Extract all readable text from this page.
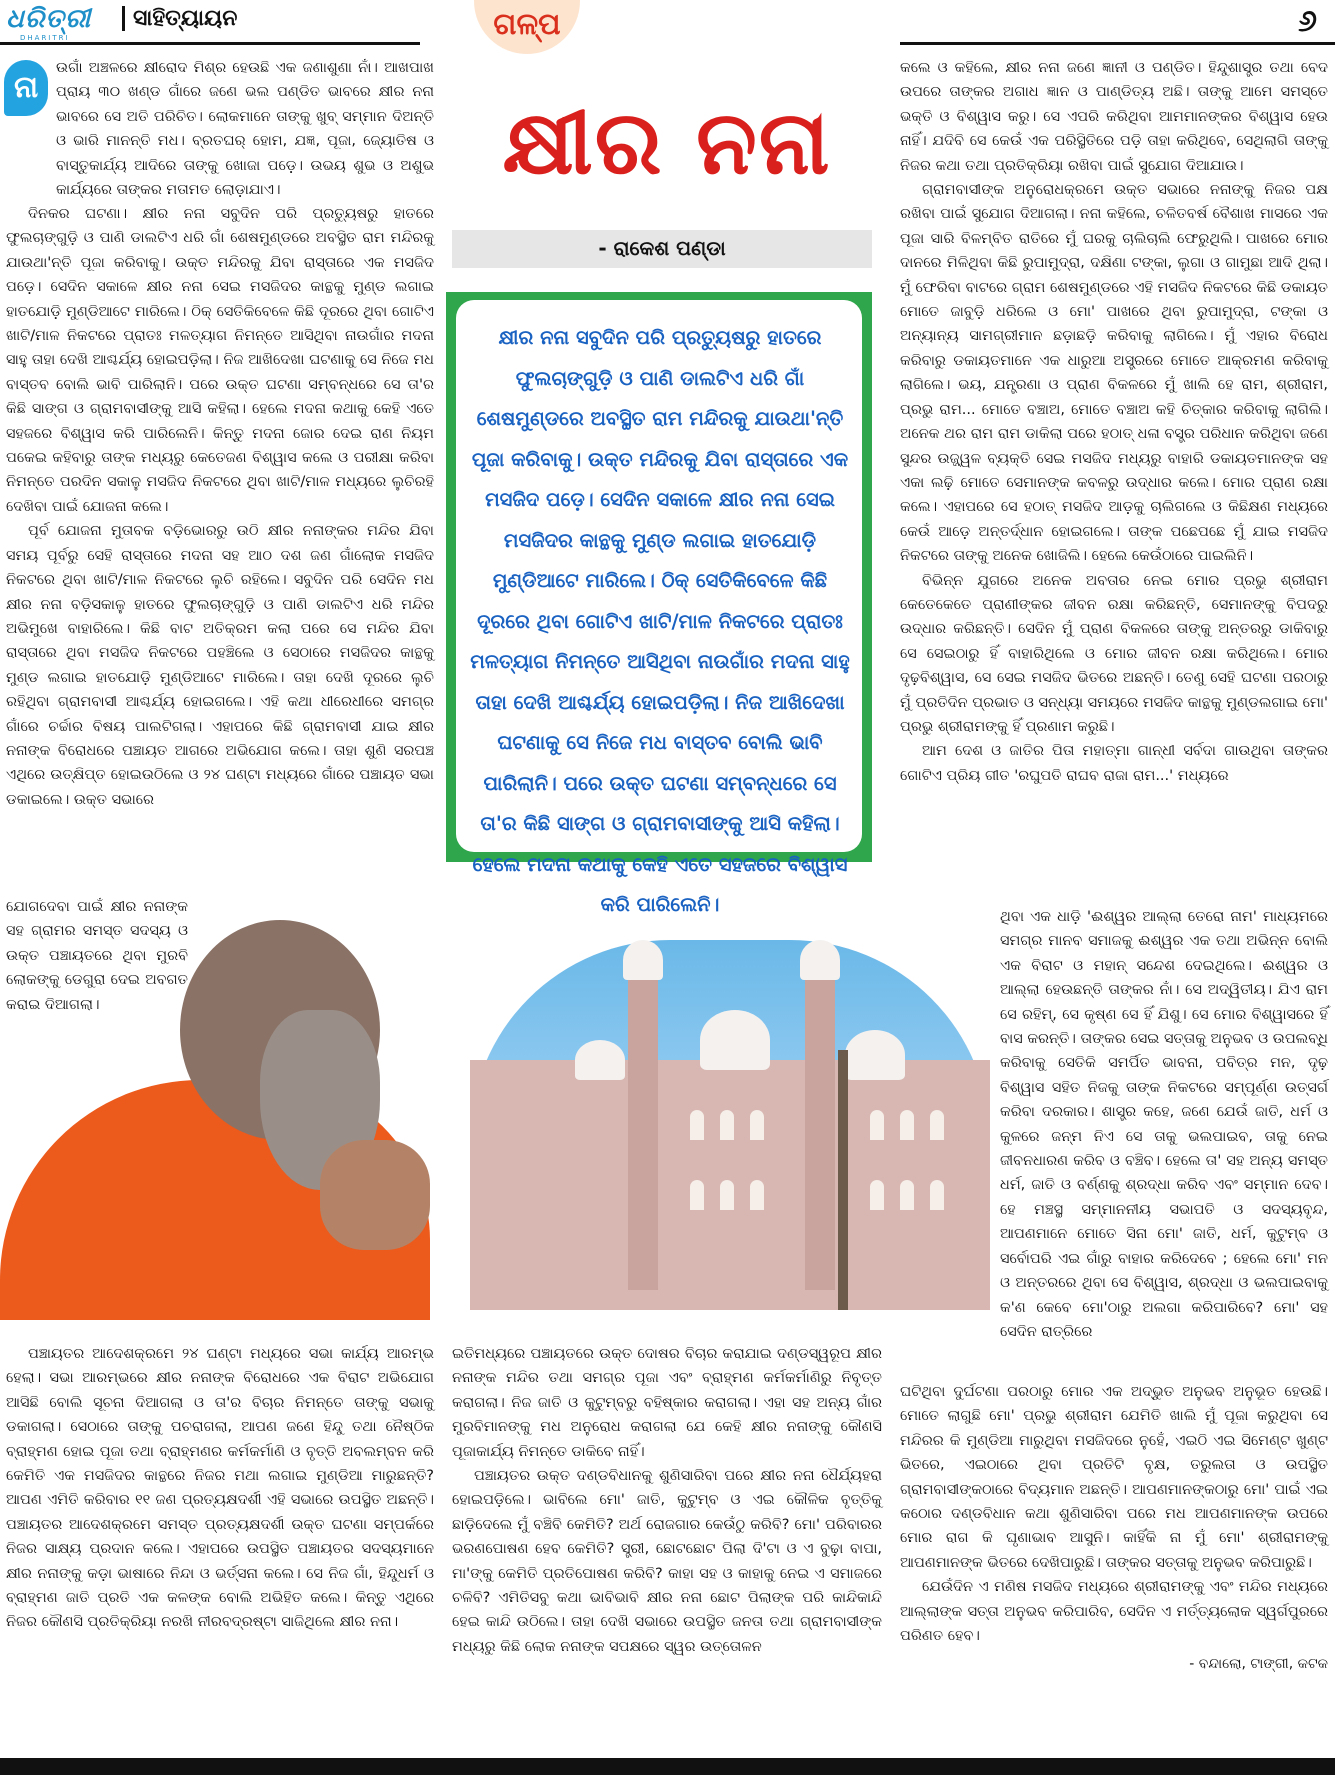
ଧରିତ୍ରୀ
DHARITRI
ସାହିତ୍ୟାୟନ	ଗଳ୍ପ	୬
ନା

ଉଗାଁ ଅଞ୍ଚଳରେ କ୍ଷୀରୋଦ ମିଶ୍ର ହେଉଛି ଏକ ଜଣାଶୁଣା ନାଁ। ଆଖପାଖ ପ୍ରାୟ ୩୦ ଖଣ୍ଡ ଗାଁରେ ଜଣେ ଭଲ ପଣ୍ଡିତ ଭାବରେ କ୍ଷୀର ନନା ଭାବରେ ସେ ଅତି ପରିଚିତ। ଲୋକମାନେ ତାଙ୍କୁ ଖୁବ୍ ସମ୍ମାନ ଦିଅନ୍ତି ଓ ଭାରି ମାନନ୍ତି ମଧ। ବ୍ରତଘର୍ ହୋମ, ଯଜ୍ଞ, ପୂଜା, ଜ୍ୟୋତିଷ ଓ ବାସ୍ତୁକାର୍ଯ୍ୟ ଆଦିରେ ତାଙ୍କୁ ଖୋଜା ପଡ଼େ। ଉଭୟ ଶୁଭ ଓ ଅଶୁଭ କାର୍ଯ୍ୟରେ ତାଙ୍କର ମତାମତ ଲୋଡ଼ାଯାଏ।

ଦିନକର ଘଟଣା। କ୍ଷୀର ନନା ସବୁଦିନ ପରି ପ୍ରତ୍ୟୁଷରୁ ହାତରେ ଫୁଲଚାଙ୍ଗୁଡ଼ି ଓ ପାଣି ଡାଲଟିଏ ଧରି ଗାଁ ଶେଷମୁଣ୍ଡରେ ଅବସ୍ଥିତ ରାମ ମନ୍ଦିରକୁ ଯାଉଥା'ନ୍ତି ପୂଜା କରିବାକୁ। ଉକ୍ତ ମନ୍ଦିରକୁ ଯିବା ରାସ୍ତାରେ ଏକ ମସଜିଦ ପଡ଼େ। ସେଦିନ ସକାଳେ କ୍ଷୀର ନନା ସେଇ ମସଜିଦର କାନ୍ଥକୁ ମୁଣ୍ଡ ଲଗାଇ ହାତଯୋଡ଼ି ମୁଣ୍ଡିଆଟେ ମାରିଲେ। ଠିକ୍ ସେତିକିବେଳେ କିଛି ଦୂରରେ ଥିବା ଗୋଟିଏ ଖାଟି/ମାଳ ନିକଟରେ ପ୍ରାତଃ ମଳତ୍ୟାଗ ନିମନ୍ତେ ଆସିଥିବା ନାଉଗାଁର ମଦନା ସାହୁ ତାହା ଦେଖି ଆଶ୍ଚର୍ଯ୍ୟ ହୋଇପଡ଼ିଲା। ନିଜ ଆଖିଦେଖା ଘଟଣାକୁ ସେ ନିଜେ ମଧ ବାସ୍ତବ ବୋଲି ଭାବି ପାରିଲାନି। ପରେ ଉକ୍ତ ଘଟଣା ସମ୍ବନ୍ଧରେ ସେ ତା'ର କିଛି ସାଙ୍ଗ ଓ ଗ୍ରାମବାସୀଙ୍କୁ ଆସି କହିଲା। ହେଲେ ମଦନା କଥାକୁ କେହି ଏତେ ସହଜରେ ବିଶ୍ୱାସ କରି ପାରିଲେନି। କିନ୍ତୁ ମଦନା ଜୋର ଦେଇ ରାଣ ନିୟମ ପକେଇ କହିବାରୁ ତାଙ୍କ ମଧ୍ୟରୁ କେତେଜଣ ବିଶ୍ୱାସ କଲେ ଓ ପରୀକ୍ଷା କରିବା ନିମନ୍ତେ ପରଦିନ ସକାଳୁ ମସଜିଦ ନିକଟରେ ଥିବା ଖାଟି/ମାଳ ମଧ୍ୟରେ ଲୁଚିରହି ଦେଖିବା ପାଇଁ ଯୋଜନା କଲେ।

ପୂର୍ବ ଯୋଜନା ମୁତାବକ ବଡ଼ିଭୋରରୁ ଉଠି କ୍ଷୀର ନନାଙ୍କର ମନ୍ଦିର ଯିବା ସମୟ ପୂର୍ବରୁ ସେହି ରାସ୍ତାରେ ମଦନା ସହ ଆଠ ଦଶ ଜଣ ଗାଁଲୋକ ମସଜିଦ ନିକଟରେ ଥିବା ଖାଟି/ମାଳ ନିକଟରେ ଲୁଚି ରହିଲେ। ସବୁଦିନ ପରି ସେଦିନ ମଧ କ୍ଷୀର ନନା ବଡ଼ିସକାଳୁ ହାତରେ ଫୁଲଚାଙ୍ଗୁଡ଼ି ଓ ପାଣି ଡାଲଟିଏ ଧରି ମନ୍ଦିର ଅଭିମୁଖେ ବାହାରିଲେ। କିଛି ବାଟ ଅତିକ୍ରମ କଲା ପରେ ସେ ମନ୍ଦିର ଯିବା ରାସ୍ତାରେ ଥିବା ମସଜିଦ ନିକଟରେ ପହଞ୍ଚିଲେ ଓ ସେଠାରେ ମସଜିଦର କାନ୍ଥକୁ ମୁଣ୍ଡ ଲଗାଇ ହାତଯୋଡ଼ି ମୁଣ୍ଡିଆଟେ ମାରିଲେ। ତାହା ଦେଖି ଦୂରରେ ଲୁଚି ରହିଥିବା ଗ୍ରାମବାସୀ ଆଶ୍ଚର୍ଯ୍ୟ ହୋଇଗଲେ। ଏହି କଥା ଧୀରେଧୀରେ ସମଗ୍ର ଗାଁରେ ଚର୍ଚ୍ଚାର ବିଷୟ ପାଲଟିଗଲା। ଏହାପରେ କିଛି ଗ୍ରାମବାସୀ ଯାଇ କ୍ଷୀର ନନାଙ୍କ ବିରୋଧରେ ପଞ୍ଚାୟତ ଆଗରେ ଅଭିଯୋଗ କଲେ। ତାହା ଶୁଣି ସରପଞ୍ଚ ଏଥିରେ ଉତ୍କ୍ଷିପ୍ତ ହୋଇଉଠିଲେ ଓ ୨୪ ଘଣ୍ଟା ମଧ୍ୟରେ ଗାଁରେ ପଞ୍ଚାୟତ ସଭା ଡକାଇଲେ। ଉକ୍ତ ସଭାରେ

ଯୋଗଦେବା ପାଇଁ କ୍ଷୀର ନନାଙ୍କ ସହ ଗ୍ରାମର ସମସ୍ତ ସଦସ୍ୟ ଓ ଉକ୍ତ ପଞ୍ଚାୟତରେ ଥିବା ମୁରବି ଲୋକଙ୍କୁ ଡେଗୁରା ଦେଇ ଅବଗତ କରାଇ ଦିଆଗଲା।

କ୍ଷୀର ନନା
- ରାକେଶ ପଣ୍ଡା
କ୍ଷୀର ନନା ସବୁଦିନ ପରି ପ୍ରତ୍ୟୁଷରୁ ହାତରେ ଫୁଲଚାଙ୍ଗୁଡ଼ି ଓ ପାଣି ଡାଲଟିଏ ଧରି ଗାଁ ଶେଷମୁଣ୍ଡରେ ଅବସ୍ଥିତ ରାମ ମନ୍ଦିରକୁ ଯାଉଥା'ନ୍ତି ପୂଜା କରିବାକୁ। ଉକ୍ତ ମନ୍ଦିରକୁ ଯିବା ରାସ୍ତାରେ ଏକ ମସଜିଦ ପଡ଼େ। ସେଦିନ ସକାଳେ କ୍ଷୀର ନନା ସେଇ ମସଜିଦର କାନ୍ଥକୁ ମୁଣ୍ଡ ଲଗାଇ ହାତଯୋଡ଼ି ମୁଣ୍ଡିଆଟେ ମାରିଲେ। ଠିକ୍ ସେତିକିବେଳେ କିଛି ଦୂରରେ ଥିବା ଗୋଟିଏ ଖାଟି/ମାଳ ନିକଟରେ ପ୍ରାତଃ ମଳତ୍ୟାଗ ନିମନ୍ତେ ଆସିଥିବା ନାଉଗାଁର ମଦନା ସାହୁ ତାହା ଦେଖି ଆଶ୍ଚର୍ଯ୍ୟ ହୋଇପଡ଼ିଲା। ନିଜ ଆଖିଦେଖା ଘଟଣାକୁ ସେ ନିଜେ ମଧ ବାସ୍ତବ ବୋଲି ଭାବି ପାରିଲାନି। ପରେ ଉକ୍ତ ଘଟଣା ସମ୍ବନ୍ଧରେ ସେ ତା'ର କିଛି ସାଙ୍ଗ ଓ ଗ୍ରାମବାସୀଙ୍କୁ ଆସି କହିଲା। ହେଲେ ମଦନା କଥାକୁ କେହି ଏତେ ସହଜରେ ବିଶ୍ୱାସ କରି ପାରିଲେନି।

କଲେ ଓ କହିଲେ, କ୍ଷୀର ନନା ଜଣେ ଜ୍ଞାନୀ ଓ ପଣ୍ଡିତ। ହିନ୍ଦୁଶାସ୍ତ୍ର ତଥା ବେଦ ଉପରେ ତାଙ୍କର ଅଗାଧ ଜ୍ଞାନ ଓ ପାଣ୍ଡିତ୍ୟ ଅଛି। ତାଙ୍କୁ ଆମେ ସମସ୍ତେ ଭକ୍ତି ଓ ବିଶ୍ୱାସ କରୁ। ସେ ଏପରି କରିଥିବା ଆମମାନଙ୍କର ବିଶ୍ୱାସ ହେଉ ନାହିଁ। ଯଦିବି ସେ କେଉଁ ଏକ ପରିସ୍ଥିତିରେ ପଡ଼ି ତାହା କରିଥିବେ, ସେଥିଲାଗି ତାଙ୍କୁ ନିଜର କଥା ତଥା ପ୍ରତିକ୍ରିୟା ରଖିବା ପାଇଁ ସୁଯୋଗ ଦିଆଯାଉ।

ଗ୍ରାମବାସୀଙ୍କ ଅନୁରୋଧକ୍ରମେ ଉକ୍ତ ସଭାରେ ନନାଙ୍କୁ ନିଜର ପକ୍ଷ ରଖିବା ପାଇଁ ସୁଯୋଗ ଦିଆଗଲା। ନନା କହିଲେ, ଚଳିତବର୍ଷ ବୈଶାଖ ମାସରେ ଏକ ପୂଜା ସାରି ବିଳମ୍ବିତ ରାତିରେ ମୁଁ ଘରକୁ ଚାଲିଚାଲି ଫେରୁଥିଲି। ପାଖରେ ମୋର ଦାନରେ ମିଳିଥିବା କିଛି ରୁପାମୁଦ୍ରା, ଦକ୍ଷିଣା ଟଙ୍କା, ଲୁଗା ଓ ଗାମୁଛା ଆଦି ଥିଲା। ମୁଁ ଫେରିବା ବାଟରେ ଗ୍ରାମ ଶେଷମୁଣ୍ଡରେ ଏହି ମସଜିଦ ନିକଟରେ କିଛି ଡକାୟତ ମୋତେ ଜାବୁଡ଼ି ଧରିଲେ ଓ ମୋ' ପାଖରେ ଥିବା ରୁପାମୁଦ୍ରା, ଟଙ୍କା ଓ ଅନ୍ୟାନ୍ୟ ସାମଗ୍ରୀମାନ ଛଡ଼ାଛଡ଼ି କରିବାକୁ ଲାଗିଲେ। ମୁଁ ଏହାର ବିରୋଧ କରିବାରୁ ଡକାୟତମାନେ ଏକ ଧାରୁଆ ଅସ୍ତ୍ରରେ ମୋତେ ଆକ୍ରମଣ କରିବାକୁ ଲାଗିଲେ। ଭୟ, ଯନ୍ତ୍ରଣା ଓ ପ୍ରାଣ ବିକଳରେ ମୁଁ ଖାଲି ହେ ରାମ, ଶ୍ରୀରାମ, ପ୍ରଭୁ ରାମ... ମୋତେ ବଞ୍ଚାଅ, ମୋତେ ବଞ୍ଚାଅ କହି ଚିତ୍କାର କରିବାକୁ ଲାଗିଲି। ଅନେକ ଥର ରାମ ରାମ ଡାକିଲା ପରେ ହଠାତ୍ ଧଳା ବସ୍ତ୍ର ପରିଧାନ କରିଥିବା ଜଣେ ସୁନ୍ଦର ଉଜ୍ଜ୍ୱଳ ବ୍ୟକ୍ତି ସେଇ ମସଜିଦ ମଧ୍ୟରୁ ବାହାରି ଡକାୟତମାନଙ୍କ ସହ ଏକା ଲଢ଼ି ମୋତେ ସେମାନଙ୍କ କବଳରୁ ଉଦ୍ଧାର କଲେ। ମୋର ପ୍ରାଣ ରକ୍ଷା କଲେ। ଏହାପରେ ସେ ହଠାତ୍ ମସଜିଦ ଆଡ଼କୁ ଚାଲିଗଲେ ଓ କିଛିକ୍ଷଣ ମଧ୍ୟରେ କେଉଁ ଆଡ଼େ ଅନ୍ତର୍ଦ୍ଧାନ ହୋଇଗଲେ। ତାଙ୍କ ପଛେପଛେ ମୁଁ ଯାଇ ମସଜିଦ ନିକଟରେ ତାଙ୍କୁ ଅନେକ ଖୋଜିଲି। ହେଲେ କେଉଁଠାରେ ପାଇଲିନି।

ବିଭିନ୍ନ ଯୁଗରେ ଅନେକ ଅବତାର ନେଇ ମୋର ପ୍ରଭୁ ଶ୍ରୀରାମ କେତେକେତେ ପ୍ରାଣୀଙ୍କର ଜୀବନ ରକ୍ଷା କରିଛନ୍ତି, ସେମାନଙ୍କୁ ବିପଦରୁ ଉଦ୍ଧାର କରିଛନ୍ତି। ସେଦିନ ମୁଁ ପ୍ରାଣ ବିକଳରେ ତାଙ୍କୁ ଅନ୍ତରରୁ ଡାକିବାରୁ ସେ ସେଇଠାରୁ ହିଁ ବାହାରିଥିଲେ ଓ ମୋର ଜୀବନ ରକ୍ଷା କରିଥିଲେ। ମୋର ଦୃଢ଼ବିଶ୍ୱାସ, ସେ ସେଇ ମସଜିଦ ଭିତରେ ଅଛନ୍ତି। ତେଣୁ ସେହି ଘଟଣା ପରଠାରୁ ମୁଁ ପ୍ରତିଦିନ ପ୍ରଭାତ ଓ ସନ୍ଧ୍ୟା ସମୟରେ ମସଜିଦ କାନ୍ଥକୁ ମୁଣ୍ଡଲଗାଇ ମୋ' ପ୍ରଭୁ ଶ୍ରୀରାମଙ୍କୁ ହିଁ ପ୍ରଣାମ କରୁଛି।

ଆମ ଦେଶ ଓ ଜାତିର ପିତା ମହାତ୍ମା ଗାନ୍ଧୀ ସର୍ବଦା ଗାଉଥିବା ତାଙ୍କର ଗୋଟିଏ ପ୍ରିୟ ଗୀତ 'ରଘୁପତି ରାଘବ ରାଜା ରାମ...' ମଧ୍ୟରେ

ଥିବା ଏକ ଧାଡ଼ି 'ଈଶ୍ୱର ଆଲ୍ଲା ତେରୋ ନାମ' ମାଧ୍ୟମରେ ସମଗ୍ର ମାନବ ସମାଜକୁ ଈଶ୍ୱର ଏକ ତଥା ଅଭିନ୍ନ ବୋଲି ଏକ ବିରାଟ ଓ ମହାନ୍ ସନ୍ଦେଶ ଦେଇଥିଲେ। ଈଶ୍ୱର ଓ ଆଲ୍ଲା ହେଉଛନ୍ତି ତାଙ୍କର ନାଁ। ସେ ଅଦ୍ୱିତୀୟ। ଯିଏ ରାମ ସେ ରହିମ୍, ସେ କୃଷ୍ଣ ସେ ହିଁ ଯିଶୁ। ସେ ମୋର ବିଶ୍ୱାସରେ ହିଁ ବାସ କରନ୍ତି। ତାଙ୍କର ସେଇ ସତ୍ତାକୁ ଅନୁଭବ ଓ ଉପଲବ୍ଧି କରିବାକୁ ସେତିକି ସମର୍ପିତ ଭାବନା, ପବିତ୍ର ମନ, ଦୃଢ଼ ବିଶ୍ୱାସ ସହିତ ନିଜକୁ ତାଙ୍କ ନିକଟରେ ସମ୍ପୂର୍ଣ୍ଣ ଉତ୍ସର୍ଗ କରିବା ଦରକାର। ଶାସ୍ତ୍ର କହେ, ଜଣେ ଯେଉଁ ଜାତି, ଧର୍ମ ଓ କୁଳରେ ଜନ୍ମ ନିଏ ସେ ତାକୁ ଭଲପାଇବ, ତାକୁ ନେଇ ଜୀବନଧାରଣ କରିବ ଓ ବଞ୍ଚିବ। ହେଲେ ତା' ସହ ଅନ୍ୟ ସମସ୍ତ ଧର୍ମ, ଜାତି ଓ ବର୍ଣ୍ଣକୁ ଶ୍ରଦ୍ଧା କରିବ ଏବଂ ସମ୍ମାନ ଦେବ। ହେ ମଞ୍ଚସ୍ଥ ସମ୍ମାନନୀୟ ସଭାପତି ଓ ସଦସ୍ୟବୃନ୍ଦ, ଆପଣମାନେ ମୋତେ ସିନା ମୋ' ଜାତି, ଧର୍ମ, କୁଟୁମ୍ବ ଓ ସର୍ବୋପରି ଏଇ ଗାଁରୁ ବାହାର କରିଦେବେ ; ହେଲେ ମୋ' ମନ ଓ ଅନ୍ତରରେ ଥିବା ସେ ବିଶ୍ୱାସ, ଶ୍ରଦ୍ଧା ଓ ଭଲପାଇବାକୁ କ'ଣ କେବେ ମୋ'ଠାରୁ ଅଲଗା କରିପାରିବେ? ମୋ' ସହ ସେଦିନ ରାତ୍ରିରେ

ପଞ୍ଚାୟତର ଆଦେଶକ୍ରମେ ୨୪ ଘଣ୍ଟା ମଧ୍ୟରେ ସଭା କାର୍ଯ୍ୟ ଆରମ୍ଭ ହେଲା। ସଭା ଆରମ୍ଭରେ କ୍ଷୀର ନନାଙ୍କ ବିରୋଧରେ ଏକ ବିରାଟ ଅଭିଯୋଗ ଆସିଛି ବୋଲି ସୂଚନା ଦିଆଗଲା ଓ ତା'ର ବିଚାର ନିମନ୍ତେ ତାଙ୍କୁ ସଭାକୁ ଡକାଗଲା। ସେଠାରେ ତାଙ୍କୁ ପଚରାଗଲା, ଆପଣ ଜଣେ ହିନ୍ଦୁ ତଥା ନୈଷ୍ଠିକ ବ୍ରାହ୍ମଣ ହୋଇ ପୂଜା ତଥା ବ୍ରାହ୍ମଣର କର୍ମକର୍ମାଣି ଓ ବୃତ୍ତି ଅବଲମ୍ବନ କରି କେମିତି ଏକ ମସଜିଦର କାନ୍ଥରେ ନିଜର ମଥା ଲଗାଇ ମୁଣ୍ଡିଆ ମାରୁଛନ୍ତି? ଆପଣ ଏମିତି କରିବାର ୧୧ ଜଣ ପ୍ରତ୍ୟକ୍ଷଦର୍ଶୀ ଏହି ସଭାରେ ଉପସ୍ଥିତ ଅଛନ୍ତି। ପଞ୍ଚାୟତର ଆଦେଶକ୍ରମେ ସମସ୍ତ ପ୍ରତ୍ୟକ୍ଷଦର୍ଶୀ ଉକ୍ତ ଘଟଣା ସମ୍ପର୍କରେ ନିଜର ସାକ୍ଷ୍ୟ ପ୍ରଦାନ କଲେ। ଏହାପରେ ଉପସ୍ଥିତ ପଞ୍ଚାୟତର ସଦସ୍ୟମାନେ କ୍ଷୀର ନନାଙ୍କୁ କଡ଼ା ଭାଷାରେ ନିନ୍ଦା ଓ ଭର୍ତ୍ସନା କଲେ। ସେ ନିଜ ଗାଁ, ହିନ୍ଦୁଧର୍ମ ଓ ବ୍ରାହ୍ମଣ ଜାତି ପ୍ରତି ଏକ କଳଙ୍କ ବୋଲି ଅଭିହିତ କଲେ। କିନ୍ତୁ ଏଥିରେ ନିଜର କୌଣସି ପ୍ରତିକ୍ରିୟା ନରଖି ନୀରବଦ୍ରଷ୍ଟା ସାଜିଥିଲେ କ୍ଷୀର ନନା।

ଇତିମଧ୍ୟରେ ପଞ୍ଚାୟତରେ ଉକ୍ତ ଦୋଷର ବିଚାର କରାଯାଇ ଦଣ୍ଡସ୍ୱରୂପ କ୍ଷୀର ନନାଙ୍କ ମନ୍ଦିର ତଥା ସମଗ୍ର ପୂଜା ଏବଂ ବ୍ରାହ୍ମଣ କର୍ମକର୍ମାଣିରୁ ନିବୃତ୍ତ କରାଗଲା। ନିଜ ଜାତି ଓ କୁଟୁମ୍ବରୁ ବହିଷ୍କାର କରାଗଲା। ଏହା ସହ ଅନ୍ୟ ଗାଁର ମୁରବିମାନଙ୍କୁ ମଧ ଅନୁରୋଧ କରାଗଲା ଯେ କେହି କ୍ଷୀର ନନାଙ୍କୁ କୌଣସି ପୂଜାକାର୍ଯ୍ୟ ନିମନ୍ତେ ଡାକିବେ ନାହିଁ।

ପଞ୍ଚାୟତର ଉକ୍ତ ଦଣ୍ଡବିଧାନକୁ ଶୁଣିସାରିବା ପରେ କ୍ଷୀର ନନା ଧୈର୍ଯ୍ୟହରା ହୋଇପଡ଼ିଲେ। ଭାବିଲେ ମୋ' ଜାତି, କୁଟୁମ୍ବ ଓ ଏଇ କୌଳିକ ବୃତ୍ତିକୁ ଛାଡ଼ିଦେଲେ ମୁଁ ବଞ୍ଚିବି କେମିତି? ଅର୍ଥ ରୋଜଗାର କେଉଁଠୁ କରିବି? ମୋ' ପରିବାରର ଭରଣପୋଷଣ ହେବ କେମିତି? ସ୍ତ୍ରୀ, ଛୋଟଛୋଟ ପିଲା ଦି'ଟା ଓ ଏ ବୁଢ଼ା ବାପା, ମା'ଙ୍କୁ କେମିତି ପ୍ରତିପୋଷଣ କରିବି? କାହା ସହ ଓ କାହାକୁ ନେଇ ଏ ସମାଜରେ ଚଳିବି? ଏମିତିସବୁ କଥା ଭାବିଭାବି କ୍ଷୀର ନନା ଛୋଟ ପିଲାଙ୍କ ପରି କାନ୍ଦିକାନ୍ଦି ହେଇ କାନ୍ଦି ଉଠିଲେ। ତାହା ଦେଖି ସଭାରେ ଉପସ୍ଥିତ ଜନତା ତଥା ଗ୍ରାମବାସୀଙ୍କ ମଧ୍ୟରୁ କିଛି ଲୋକ ନନାଙ୍କ ସପକ୍ଷରେ ସ୍ୱର ଉତ୍ତୋଳନ

ଘଟିଥିବା ଦୁର୍ଘଟଣା ପରଠାରୁ ମୋର ଏକ ଅଦ୍ଭୁତ ଅନୁଭବ ଅନୁଭୂତ ହେଉଛି। ମୋତେ ଲାଗୁଛି ମୋ' ପ୍ରଭୁ ଶ୍ରୀରାମ ଯେମିତି ଖାଲି ମୁଁ ପୂଜା କରୁଥିବା ସେ ମନ୍ଦିରର କି ମୁଣ୍ଡିଆ ମାରୁଥିବା ମସଜିଦରେ ନୁହେଁ, ଏଇଠି ଏଇ ସିମେଣ୍ଟ ଖୁଣ୍ଟ ଭିତରେ, ଏଇଠାରେ ଥିବା ପ୍ରତିଟି ବୃକ୍ଷ, ତରୁଲତା ଓ ଉପସ୍ଥିତ ଗ୍ରାମବାସୀଙ୍କଠାରେ ବିଦ୍ୟମାନ ଅଛନ୍ତି। ଆପଣମାନଙ୍କଠାରୁ ମୋ' ପାଇଁ ଏଇ କଠୋର ଦଣ୍ଡବିଧାନ କଥା ଶୁଣିସାରିବା ପରେ ମଧ ଆପଣମାନଙ୍କ ଉପରେ ମୋର ରାଗ କି ଘୃଣାଭାବ ଆସୁନି। କାହିଁକି ନା ମୁଁ ମୋ' ଶ୍ରୀରାମଙ୍କୁ ଆପଣମାନଙ୍କ ଭିତରେ ଦେଖିପାରୁଛି। ତାଙ୍କର ସତ୍ତାକୁ ଅନୁଭବ କରିପାରୁଛି।

ଯେଉଁଦିନ ଏ ମଣିଷ ମସଜିଦ ମଧ୍ୟରେ ଶ୍ରୀରାମଙ୍କୁ ଏବଂ ମନ୍ଦିର ମଧ୍ୟରେ ଆଲ୍ଲାଙ୍କ ସତ୍ତା ଅନୁଭବ କରିପାରିବ, ସେଦିନ ଏ ମର୍ତ୍ତ୍ୟଲୋକ ସ୍ୱର୍ଗପୁରରେ ପରିଣତ ହେବ।

- ବନ୍ଦାଲୋ, ଟାଙ୍ଗୀ, କଟକ
